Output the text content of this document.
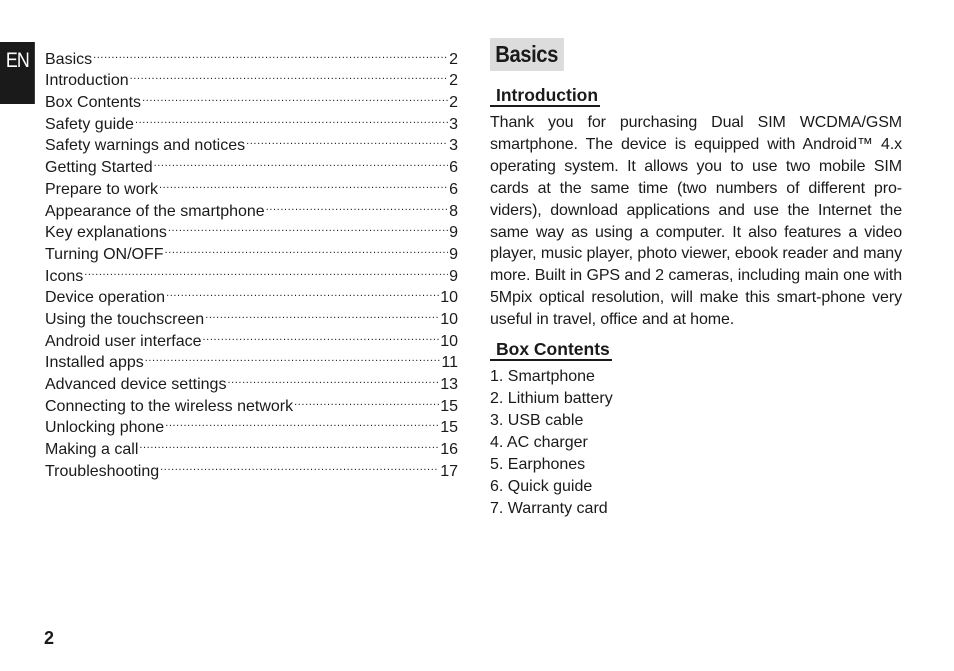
EN	Basics .....	2
Introduction .....	2
Box Contents .....	2
Safety guide .....	3
Safety warnings and notices .....	3
Getting Started .....	6
Prepare to work .....	6
Appearance of the smartphone .....	8
Key explanations .....	9
Turning ON/OFF .....	9
Icons .....	9
Device operation .....	10
Using the touchscreen .....	10
Android user interface .....	10
Installed apps .....	11
Advanced device settings .....	13
Connecting to the wireless network .....	15
Unlocking phone .....	15
Making a call .....	16
Troubleshooting .....	17
2
Basics
Introduction
Thank you for purchasing Dual SIM WCDMA/GSM smartphone. The device is equipped with Android™ 4.x operating system. It allows you to use two mobile SIM cards at the same time (two numbers of different pro-viders), download applications and use the Internet the same way as using a computer. It also features a video player, music player, photo viewer, ebook reader and many more. Built in GPS and 2 cameras, including main one with 5Mpix optical resolution, will make this smart-phone very useful in travel, office and at home.
Box Contents
1. Smartphone
2. Lithium battery
3. USB cable
4. AC charger
5. Earphones
6. Quick guide
7. Warranty card
